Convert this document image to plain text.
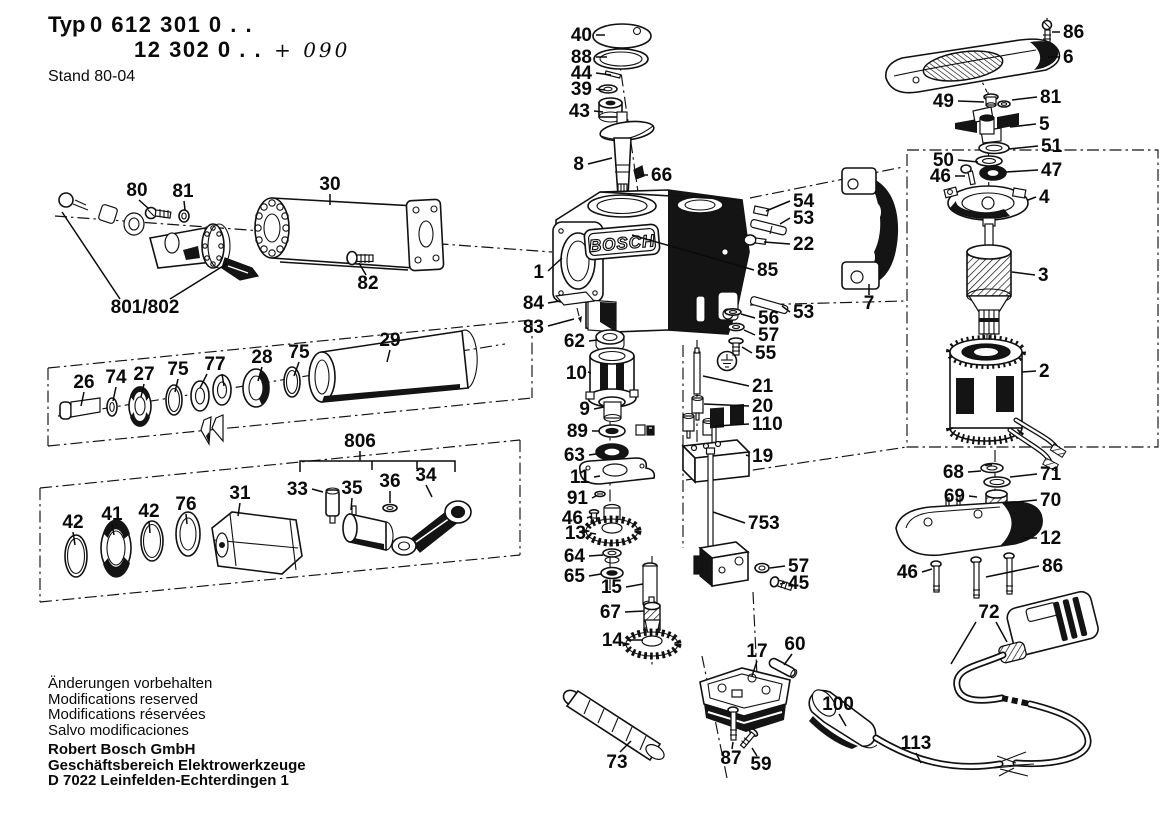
Typ 0 612 301 0 . .
12 302 0 . . + 090
Stand 80-04
BOSCH
40
88
44
39
43
8
66
86
6
49	81
5
51
50
46	47
4
3
2
7
1
84
83
54
53
22
85
53
56
57
55
62
10
9
89
63
11
91
46
13
64
65
15
67
14
21
20
110
19
753
57
45
17 60
73	87 59
100
113
68	71
69	70
12
46	86
72
80 81	30
82
801/802
26 74 27 75 77 28 75
29
806
42 41 42 76
31 33 35 36 34
Änderungen vorbehalten
Modifications reserved
Modifications réservées
Salvo modificaciones
Robert Bosch GmbH
Geschäftsbereich Elektrowerkzeuge
D 7022 Leinfelden-Echterdingen 1
